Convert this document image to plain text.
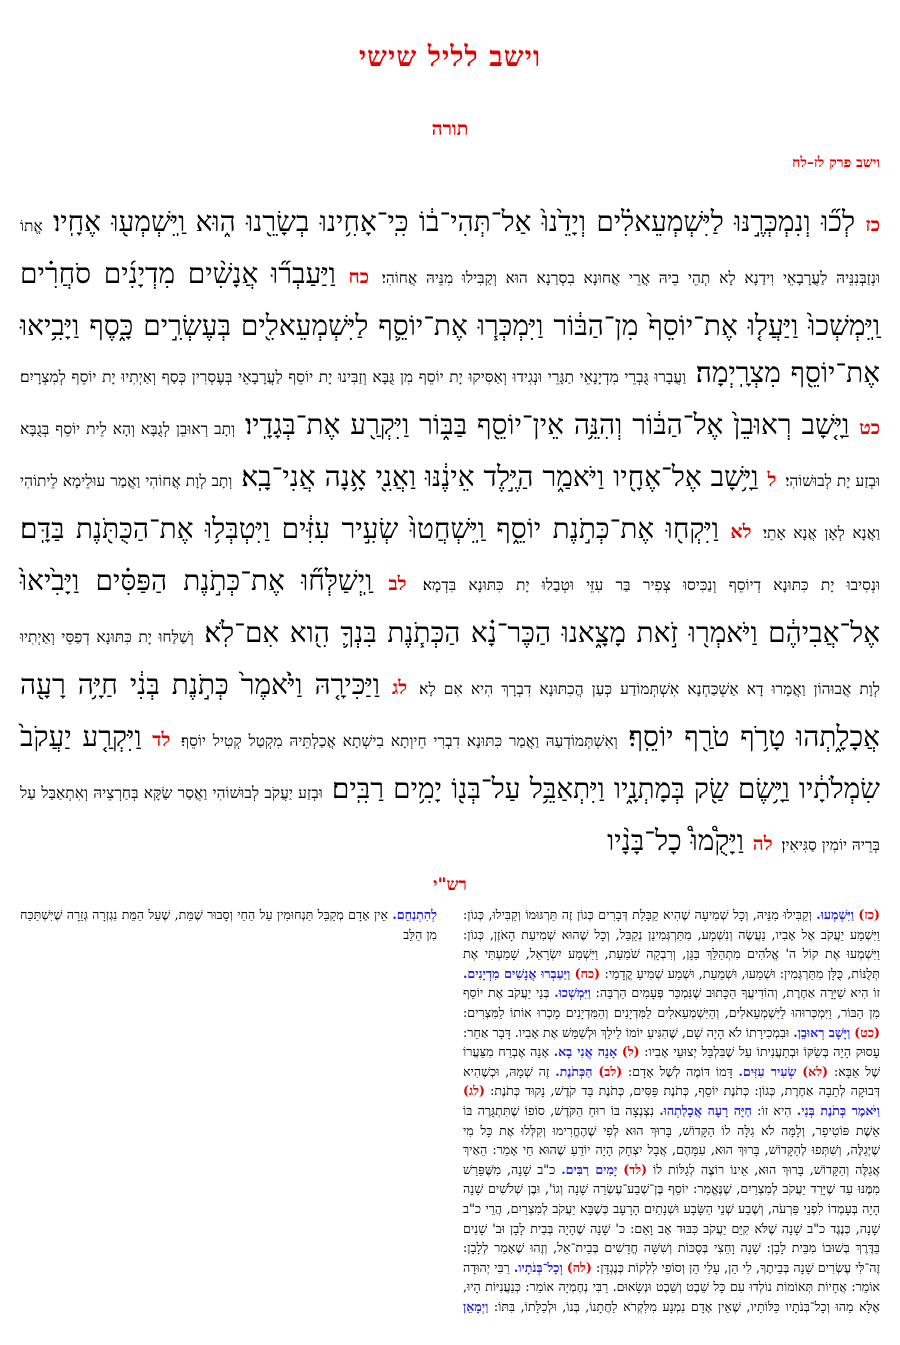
וישב לליל שישי
תורה
וישב פרק לז–לח
כז לְכ֞וּ וְנִמְכְּרֶ֣נּוּ לַיִּשְׁמְעֵאלִ֗ים וְיָדֵ֙נוּ֙ אַל־תְּהִי־ב֔וֹ כִּֽי־אָחִ֥ינוּ בְשָׂרֵ֖נוּ ה֑וּא וַֽיִּשְׁמְע֖וּ אֶחָֽיו׃ אֱתוֹ וּנְזַבְּנִנֵּיהּ לַעֲרָבָאֵי וִידַנָא לָא תְהֵי בֵיהּ אֲרֵי אֲחוּנָא בִסְרַנָא הוּא וְקַבִּילוּ מִנֵּיהּ אֲחוֹהִי׃ כח וַיַּעַבְר֞וּ אֲנָשִׁ֨ים מִדְיָנִ֜ים סֹחֲרִ֗ים וַֽיִּמְשְׁכוּ֙ וַיַּעֲל֤וּ אֶת־יוֹסֵף֙ מִן־הַבּ֔וֹר וַיִּמְכְּר֧וּ אֶת־יוֹסֵ֛ף לַיִּשְׁמְעֵאלִ֖ים בְּעֶשְׂרִ֣ים כָּ֑סֶף וַיָּבִ֥יאוּ אֶת־יוֹסֵ֖ף מִצְרָֽיְמָה׃ וַעֲבָרוּ גֻּבְרֵי מִדְיָנָאֵי תַגָּרֵי וּנְגִידוּ וְאַסִּיקוּ יָת יוֹסֵף מִן גֻּבָּא וְזַבִּינוּ יָת יוֹסֵף לַעֲרָבָאֵי בְּעֶסְרִין כְּסַף וְאַיְתִיוּ יָת יוֹסֵף לְמִצְרָיִם׃ כט וַיָּ֤שָׁב רְאוּבֵן֙ אֶל־הַבּ֔וֹר וְהִנֵּ֥ה אֵין־יוֹסֵ֖ף בַּבּ֑וֹר וַיִּקְרַ֖ע אֶת־בְּגָדָֽיו׃ וְתָב רְאוּבֵן לְגֻבָּא וְהָא לֵית יוֹסֵף בְּגֻבָּא וּבְזַע יָת לְבוּשׁוֹהִי׃ ל וַיָּ֥שָׁב אֶל־אֶחָ֖יו וַיֹּאמַ֑ר הַיֶּ֣לֶד אֵינֶ֔נּוּ וַאֲנִ֖י אָ֥נָה אֲנִי־בָֽא׃ וְתָב לְוָת אֲחוֹהִי וַאֲמַר עוּלֵימָא לֵיתוֹהִי וַאֲנָא לְאָן אֲנָא אָתֵי׃ לא וַיִּקְח֖וּ אֶת־כְּתֹ֣נֶת יוֹסֵ֑ף וַֽיִּשְׁחֲטוּ֙ שְׂעִ֣יר עִזִּ֔ים וַיִּטְבְּל֥וּ אֶת־הַכֻּתֹּ֖נֶת בַּדָּֽם׃ וּנְסִיבוּ יָת כִּתּוּנָא דְיוֹסֵף וְנַכִּיסוּ צְפִיר בַּר עִזֵּי וּטְבַלוּ יָת כִּתּוּנָא בִּדְמָא׃ לב וַֽיְשַׁלְּח֞וּ אֶת־כְּתֹ֣נֶת הַפַּסִּ֗ים וַיָּבִ֙יאוּ֙ אֶל־אֲבִיהֶ֔ם וַיֹּאמְר֖וּ זֹ֣את מָצָ֑אנוּ הַכֶּר־נָ֗א הַכְּתֹ֧נֶת בִּנְךָ֛ הִ֖וא אִם־לֹֽא׃ וְשַׁלַּחוּ יָת כִּתּוּנָא דְפַסֵּי וְאַיְתִיוּ לְוָת אֲבוּהוֹן וַאֲמָרוּ דָא אַשְׁכַּחְנָא אִשְׁתְּמוֹדַע כְּעַן הֲכִתּוּנָא דִבְרָךְ הִיא אִם לָא׃ לג וַיַּכִּירָ֤הּ וַיֹּ֙אמֶר֙ כְּתֹ֣נֶת בְּנִ֔י חַיָּ֥ה רָעָ֖ה אֲכָלָ֑תְהוּ טָרֹ֥ף טֹרַ֖ף יוֹסֵֽף׃ וְאִשְׁתְּמוֹדְעַהּ וַאֲמַר כִּתּוּנָא דִבְרִי חֵיוְתָא בִישְׁתָא אֲכַלְתֵּיהּ מִקְטַל קְטִיל יוֹסֵף׃ לד וַיִּקְרַ֤ע יַעֲקֹב֙ שִׂמְלֹתָ֔יו וַיָּ֥שֶׂם שַׂ֖ק בְּמָתְנָ֑יו וַיִּתְאַבֵּ֥ל עַל־בְּנ֖וֹ יָמִ֥ים רַבִּֽים׃ וּבְזַע יַעֲקֹב לְבוּשׁוֹהִי וַאֲסַר שַׂקָּא בְּחַרְצֵיהּ וְאִתְאַבַּל עַל בְּרֵיהּ יוֹמִין סַגִּיאִין׃ לה וַיָּקֻ֩מוּ֩ כָל־בָּנָ֨יו
רש"י
(כז) וַיִּשְׁמְעוּ. וְקַבִּילוּ מִנֵּיהּ, וְכָל שְׁמִיעָה שֶׁהִיא קַבָּלַת דְּבָרִים כְּגוֹן זֶה תַּרְגּוּמוֹ וְקַבִּילוּ, כְּגוֹן: וַיִּשְׁמַע יַעֲקֹב אֶל אָבִיו, נַעֲשֶׂה וְנִשְׁמָע, מִתַּרְגְּמִינַן נְקַבֵּל, וְכָל שֶׁהוּא שְׁמִיעַת הָאֹזֶן, כְּגוֹן: וַיִּשְׁמְעוּ אֶת קוֹל ה' אֱלֹהִים מִתְהַלֵּךְ בַּגָּן, וְרִבְקָה שֹׁמַעַת, וַיִּשְׁמַע יִשְׂרָאֵל, שָׁמַעְתִּי אֶת תְּלֻנּוֹת, כֻּלָּן מִתַּרְגְּמִין: וּשְׁמַעוּ, וּשְׁמַעַת, וּשְׁמַע שְׁמִיעַ קֳדָמַי: (כח) וַיַּעַבְרוּ אֲנָשִׁים מִדְיָנִים. זוֹ הִיא שַׁיָּרָה אַחֶרֶת, וְהוֹדִיעֲךָ הַכָּתוּב שֶׁנִּמְכַּר פְּעָמִים הַרְבֵּה: וַיִּמְשְׁכוּ. בְּנֵי יַעֲקֹב אֶת יוֹסֵף מִן הַבּוֹר, וַיִּמְכְּרוּהוּ לַיִּשְׁמְעֵאלִים, וְהַיִּשְׁמְעֵאלִים לַמִּדְיָנִים וְהַמִּדְיָנִים מָכְרוּ אוֹתוֹ לַמִּצְרִים: (כט) וַיָּשָׁב רְאוּבֵן. וּבִמְכִירָתוֹ לֹא הָיָה שָׁם, שֶׁהִגִּיעַ יוֹמוֹ לֵילֵךְ וּלְשַׁמֵּשׁ אֶת אָבִיו. דָּבָר אַחֵר: עָסוּק הָיָה בְּשַׂקּוֹ וּבְתַעֲנִיתוֹ עַל שֶׁבִּלְבֵּל יְצוּעֵי אָבִיו: (ל) אָנָה אֲנִי בָא. אָנָה אֶבְרַח מִצַּעֲרוֹ שֶׁל אַבָּא: (לא) שְׂעִיר עִזִּים. דָּמוֹ דּוֹמֶה לְשֶׁל אָדָם: (לב) הַכְּתֹנֶת. זֶה שְׁמָהּ, וּכְשֶׁהִיא דְּבוּקָה לְתֵבָה אַחֶרֶת, כְּגוֹן: כְּתֹנֶת יוֹסֵף, כְּתֹנֶת פַּסִּים, כְּתֹנֶת בַּד קֹדֶשׁ, נָקוּד כְּתֹנֶת: (לג) וַיֹּאמֶר כְּתֹנֶת בְּנִי. הִיא זוֹ: חַיָּה רָעָה אֲכָלַתְהוּ. נִצְנְצָה בּוֹ רוּחַ הַקֹּדֶשׁ, סוֹפוֹ שֶׁתִּתְגָּרֶה בּוֹ אֵשֶׁת פּוֹטִיפַר, וְלָמָּה לֹא גִלָּה לוֹ הַקָּדוֹשׁ, בָּרוּךְ הוּא לְפִי שֶׁהֶחֱרִימוּ וְקִלְּלוּ אֶת כָּל מִי שֶׁיְּגַלֶּה, וְשִׁתְּפוּ לְהַקָּדוֹשׁ, בָּרוּךְ הוּא, עִמָּהֶם, אֲבָל יִצְחָק הָיָה יוֹדֵעַ שֶׁהוּא חַי אָמַר: הֵאַיךְ אֲגַלֶּה וְהַקָּדוֹשׁ, בָּרוּךְ הוּא, אֵינוֹ רוֹצֶה לְגַלּוֹת לוֹ (לד) יָמִים רַבִּים. כ"ב שָׁנָה, מִשֶּׁפֵּרַשׁ מִמֶּנּוּ עַד שֶׁיָּרַד יַעֲקֹב לְמִצְרַיִם, שֶׁנֶּאֱמַר: יוֹסֵף בֶּן־שְׁבַע־עֶשְׂרֵה שָׁנָה וְגוֹ', וּבֶן שְׁלֹשִׁים שָׁנָה הָיָה בְּעָמְדוֹ לִפְנֵי פַּרְעֹה, וְשֶׁבַע שְׁנֵי הַשָּׂבָע וּשְׁנָתַיִם הָרָעָב כְּשֶׁבָּא יַעֲקֹב לְמִצְרַיִם, הֲרֵי כ"ב שָׁנָה, כְּנֶגֶד כ"ב שָׁנָה שֶׁלֹּא קִיֵּם יַעֲקֹב כִּבּוּד אָב וָאֵם: כ' שָׁנָה שֶׁהָיָה בְּבֵית לָבָן וּב' שָׁנִים בַּדֶּרֶךְ בְּשׁוּבוֹ מִבֵּית לָבָן: שָׁנָה וָחֵצִי בְּסֻכּוֹת וְשִׁשָּׁה חֳדָשִׁים בְּבֵית־אֵל, וְזֶהוּ שֶׁאָמַר לְלָבָן: זֶה־לִּי עֶשְׂרִים שָׁנָה בְּבֵיתֶךָ, לִי הֵן, עָלַי הֵן וְסוֹפִי לִלְקוֹת כְּנֶגְדָּן: (לה) וְכָל־בְּנֹתָיו. רַבִּי יְהוּדָה אוֹמֵר: אֲחָיוֹת תְּאוֹמוֹת נוֹלְדוּ עִם כָּל שֵׁבֶט וְשֵׁבֶט וּנְשָׂאוּם. רַבִּי נְחֶמְיָה אוֹמֵר: כְּנַעֲנִיּוֹת הָיוּ, אֶלָּא מַהוּ וְכָל־בְּנֹתָיו כַּלּוֹתָיו, שֶׁאֵין אָדָם נִמְנָע מִלִּקְרֹא לַחֲתָנוֹ, בְּנוֹ, וּלְכַלָּתוֹ, בִּתּוֹ: וַיְמָאֵן לְהִתְנַחֵם. אֵין אָדָם מְקַבֵּל תַּנְחוּמִין עַל הַחַי וְסָבוּר שֶׁמֵּת, שֶׁעַל הַמֵּת נִגְזְרָה גְּזֵרָה שֶׁיִּשְׁתַּכַּח מִן הַלֵּב
